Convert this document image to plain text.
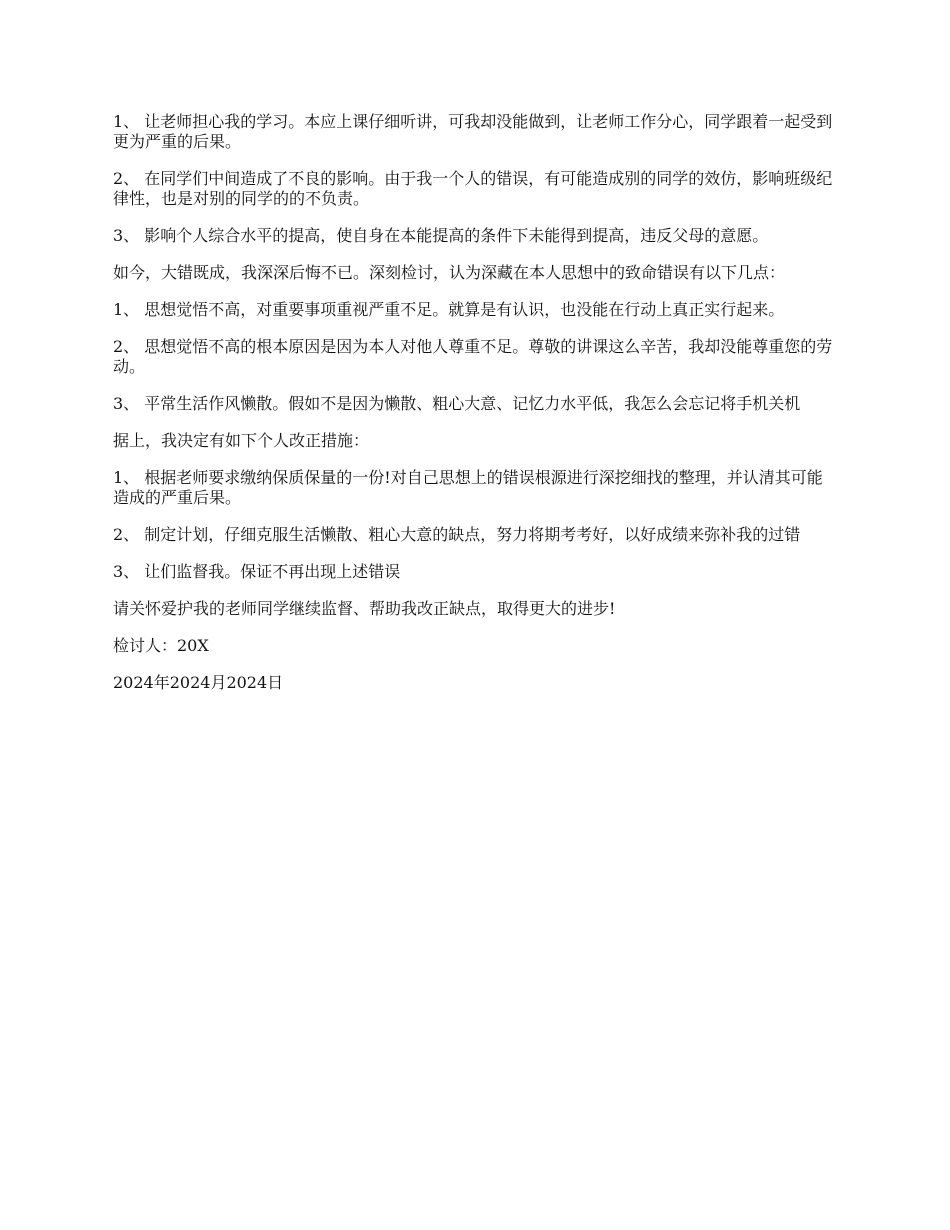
1、 让老师担心我的学习。本应上课仔细听讲，可我却没能做到，让老师工作分心，同学跟着一起受到更为严重的后果。

2、 在同学们中间造成了不良的影响。由于我一个人的错误，有可能造成别的同学的效仿，影响班级纪律性，也是对别的同学的的不负责。

3、 影响个人综合水平的提高，使自身在本能提高的条件下未能得到提高，违反父母的意愿。

如今，大错既成，我深深后悔不已。深刻检讨，认为深藏在本人思想中的致命错误有以下几点：

1、 思想觉悟不高，对重要事项重视严重不足。就算是有认识，也没能在行动上真正实行起来。

2、 思想觉悟不高的根本原因是因为本人对他人尊重不足。尊敬的讲课这么辛苦，我却没能尊重您的劳动。

3、 平常生活作风懒散。假如不是因为懒散、粗心大意、记忆力水平低，我怎么会忘记将手机关机

据上，我决定有如下个人改正措施：

1、 根据老师要求缴纳保质保量的一份!对自己思想上的错误根源进行深挖细找的整理，并认清其可能造成的严重后果。

2、 制定计划，仔细克服生活懒散、粗心大意的缺点，努力将期考考好，以好成绩来弥补我的过错

3、 让们监督我。保证不再出现上述错误

请关怀爱护我的老师同学继续监督、帮助我改正缺点，取得更大的进步!

检讨人：20X

2024年2024月2024日
